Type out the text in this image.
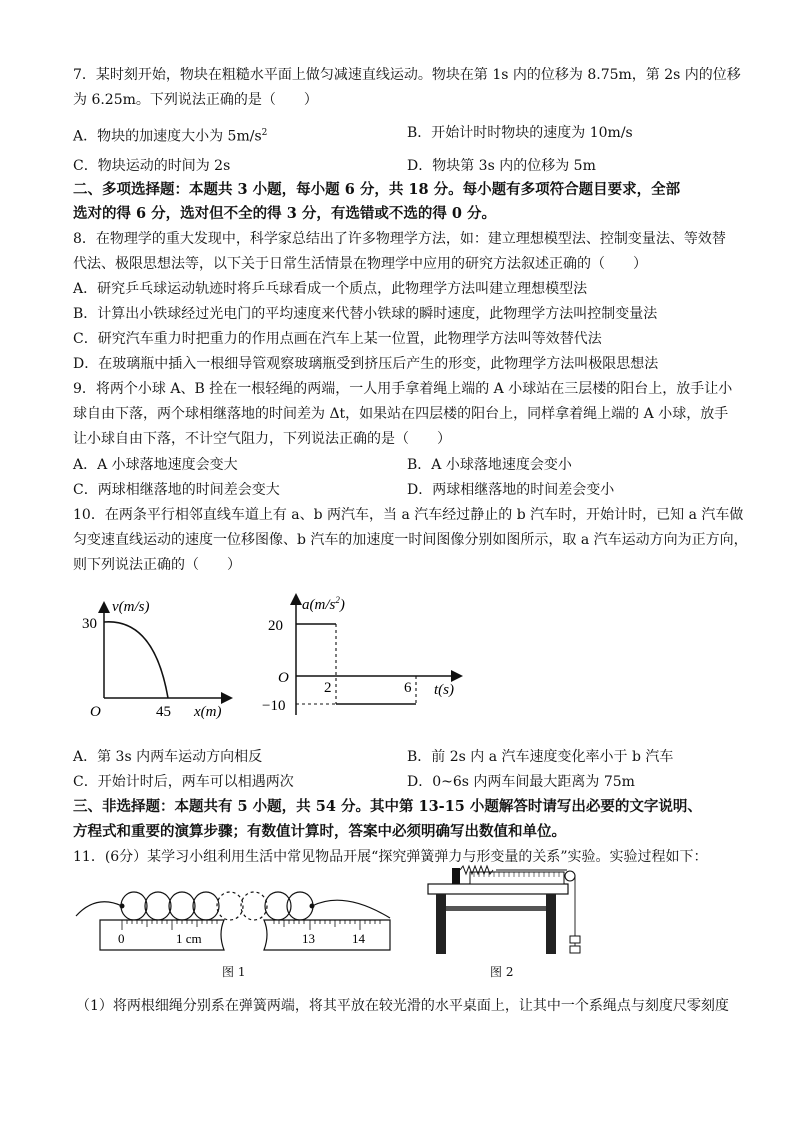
7．某时刻开始，物块在粗糙水平面上做匀减速直线运动。物块在第 1s 内的位移为 8.75m，第 2s 内的位移
为 6.25m。下列说法正确的是（　　）
A．物块的加速度大小为 $5m/s^2$	B．开始计时时物块的速度为 10m/s
C．物块运动的时间为 2s	D．物块第 3s 内的位移为 5m
二、多项选择题：本题共 3 小题，每小题 6 分，共 18 分。每小题有多项符合题目要求，全部
选对的得 6 分，选对但不全的得 3 分，有选错或不选的得 0 分。
8．在物理学的重大发现中，科学家总结出了许多物理学方法，如：建立理想模型法、控制变量法、等效替
代法、极限思想法等，以下关于日常生活情景在物理学中应用的研究方法叙述正确的（　　）
A．研究乒乓球运动轨迹时将乒乓球看成一个质点，此物理学方法叫建立理想模型法
B．计算出小铁球经过光电门的平均速度来代替小铁球的瞬时速度，此物理学方法叫控制变量法
C．研究汽车重力时把重力的作用点画在汽车上某一位置，此物理学方法叫等效替代法
D．在玻璃瓶中插入一根细导管观察玻璃瓶受到挤压后产生的形变，此物理学方法叫极限思想法
9．将两个小球 A、B 拴在一根轻绳的两端，一人用手拿着绳上端的 A 小球站在三层楼的阳台上，放手让小
球自由下落，两个球相继落地的时间差为 Δt，如果站在四层楼的阳台上，同样拿着绳上端的 A 小球，放手
让小球自由下落，不计空气阻力，下列说法正确的是（　　）
A．A 小球落地速度会变大	B．A 小球落地速度会变小
C．两球相继落地的时间差会变大	D．两球相继落地的时间差会变小
10．在两条平行相邻直线车道上有 a、b 两汽车，当 a 汽车经过静止的 b 汽车时，开始计时，已知 a 汽车做
匀变速直线运动的速度一位移图像、b 汽车的加速度一时间图像分别如图所示，取 a 汽车运动方向为正方向，
则下列说法正确的（　　）
v(m/s)
30
O	45 x(m)
$a(m/s^2)$
20
O
2	6
−10
t(s)
A．第 3s 内两车运动方向相反	B．前 2s 内 a 汽车速度变化率小于 b 汽车
C．开始计时后，两车可以相遇两次	D．0~6s 内两车间最大距离为 75m
三、非选择题：本题共有 5 小题，共 54 分。其中第 13-15 小题解答时请写出必要的文字说明、
方程式和重要的演算步骤；有数值计算时，答案中必须明确写出数值和单位。
11．(6分）某学习小组利用生活中常见物品开展“探究弹簧弹力与形变量的关系”实验。实验过程如下：
0	1 cm	13	14
图 1	图 2
（1）将两根细绳分别系在弹簧两端，将其平放在较光滑的水平桌面上，让其中一个系绳点与刻度尺零刻度
